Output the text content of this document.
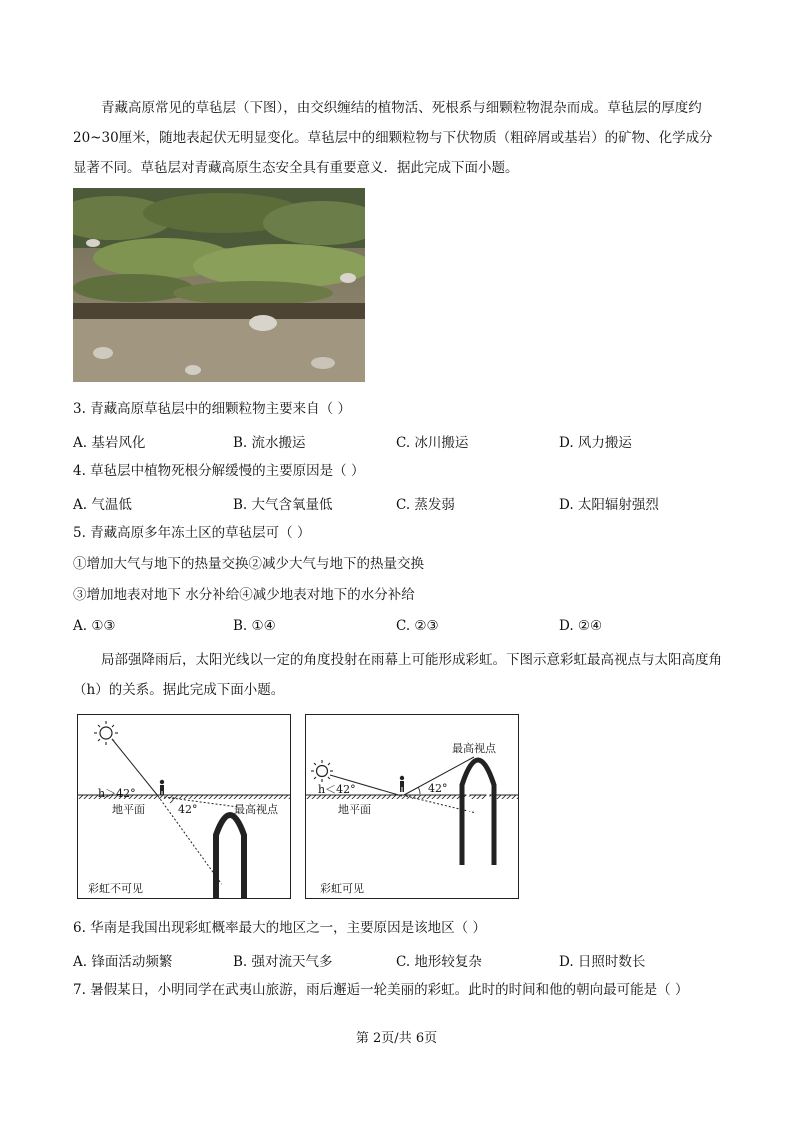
青藏高原常见的草毡层（下图），由交织缠结的植物活、死根系与细颗粒物混杂而成。草毡层的厚度约20~30厘米，随地表起伏无明显变化。草毡层中的细颗粒物与下伏物质（粗碎屑或基岩）的矿物、化学成分显著不同。草毡层对青藏高原生态安全具有重要意义．据此完成下面小题。
3. 青藏高原草毡层中的细颗粒物主要来自（ ）
A. 基岩风化	B. 流水搬运	C. 冰川搬运	D. 风力搬运
4. 草毡层中植物死根分解缓慢的主要原因是（ ）
A. 气温低	B. 大气含氧量低	C. 蒸发弱	D. 太阳辐射强烈
5. 青藏高原多年冻土区的草毡层可（ ）
①增加大气与地下的热量交换②减少大气与地下的热量交换
③增加地表对地下 水分补给④减少地表对地下的水分补给
A. ①③	B. ①④	C. ②③	D. ②④
局部强降雨后，太阳光线以一定的角度投射在雨幕上可能形成彩虹。下图示意彩虹最高视点与太阳高度角（h）的关系。据此完成下面小题。
h＞42°
地平面	42°	最高视点
彩虹不可见
最高视点
h＜42°	42°
地平面
彩虹可见
6. 华南是我国出现彩虹概率最大的地区之一，主要原因是该地区（ ）
A. 锋面活动频繁	B. 强对流天气多	C. 地形较复杂	D. 日照时数长
7. 暑假某日，小明同学在武夷山旅游，雨后邂逅一轮美丽的彩虹。此时的时间和他的朝向最可能是（ ）
第 2页/共 6页
